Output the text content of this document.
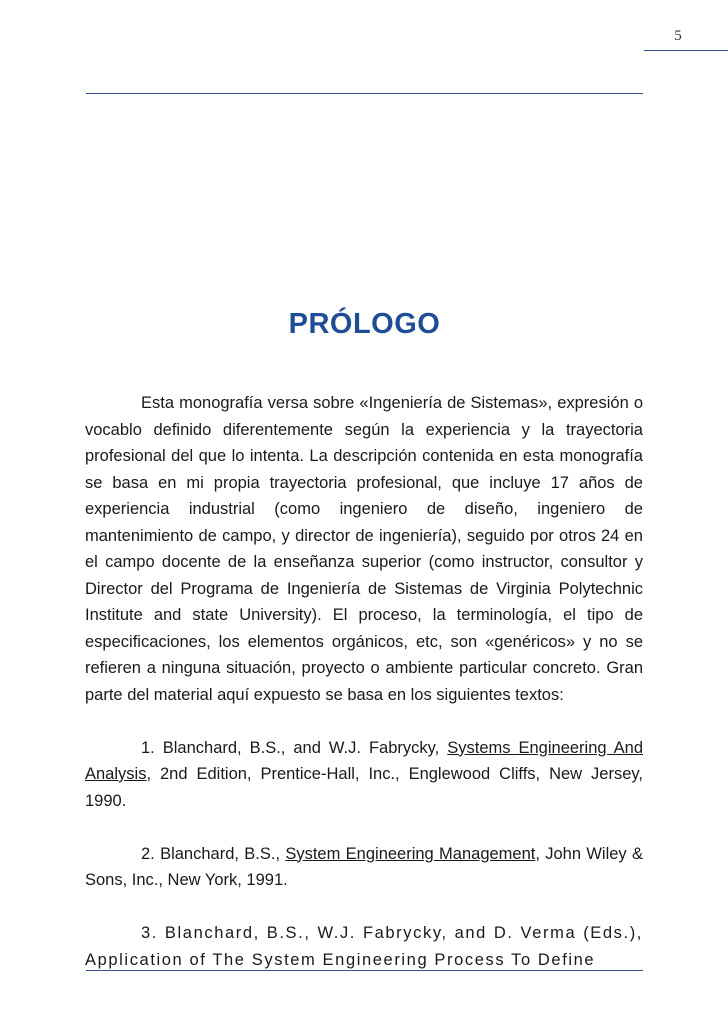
5
PRÓLOGO

Esta monografía versa sobre «Ingeniería de Sistemas», expresión o vocablo definido diferentemente según la experiencia y la trayectoria profesional del que lo intenta. La descripción contenida en esta monografía se basa en mi propia trayectoria profesional, que incluye 17 años de experiencia industrial (como ingeniero de diseño, ingeniero de mantenimiento de campo, y director de ingeniería), seguido por otros 24 en el campo docente de la enseñanza superior (como instructor, consultor y Director del Programa de Ingeniería de Sistemas de Virginia Polytechnic Institute and state University). El proceso, la terminología, el tipo de especificaciones, los elementos orgánicos, etc, son «genéricos» y no se refieren a ninguna situación, proyecto o ambiente particular concreto. Gran parte del material aquí expuesto se basa en los siguientes textos:

1. Blanchard, B.S., and W.J. Fabrycky, Systems Engineering And Analysis, 2nd Edition, Prentice-Hall, Inc., Englewood Cliffs, New Jersey, 1990.

2. Blanchard, B.S., System Engineering Management, John Wiley & Sons, Inc., New York, 1991.

3. Blanchard, B.S., W.J. Fabrycky, and D. Verma (Eds.), Application of The System Engineering Process To Define
